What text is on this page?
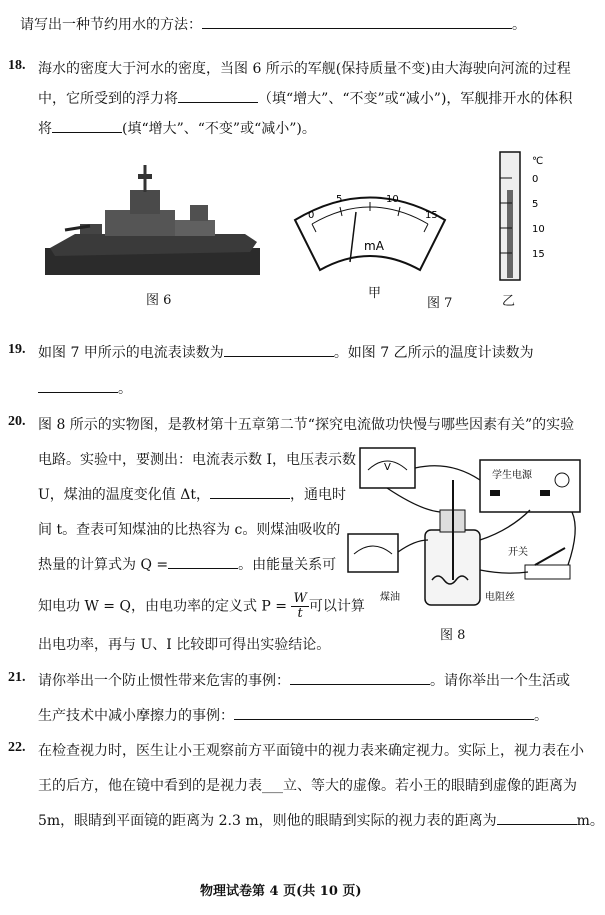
请写出一种节约用水的方法：	。
18. 海水的密度大于河水的密度，当图 6 所示的军舰(保持质量不变)由大海驶向河流的过程
中，它所受到的浮力将	（填“增大”、“不变”或“减小”)，军舰排开水的体积
将	(填“增大”、“不变”或“减小”)。
图 6
0
5	10
15
mA
甲
图 7
℃
0
5
10
15
乙
19. 如图 7 甲所示的电流表读数为	。如图 7 乙所示的温度计读数为
。
20. 图 8 所示的实物图，是教材第十五章第二节“探究电流做功快慢与哪些因素有关”的实验
电路。实验中，要测出：电流表示数 I，电压表示数
U，煤油的温度变化值 Δt，	，通电时
间 t。查表可知煤油的比热容为 c。则煤油吸收的
热量的计算式为 Q =	。由能量关系可
知电功 W = Q，由电功率的定义式 $P = \frac{W}{t}$ 可以计算
出电功率，再与 U、I 比较即可得出实验结论。
V
学生电源
煤油	电阻丝
开关
图 8
21. 请你举出一个防止惯性带来危害的事例：	。请你举出一个生活或
生产技术中减小摩擦力的事例：	。
22. 在检查视力时，医生让小王观察前方平面镜中的视力表来确定视力。实际上，视力表在小
王的后方，他在镜中看到的是视力表___立、等大的虚像。若小王的眼睛到虚像的距离为
5m，眼睛到平面镜的距离为 2.3 m，则他的眼睛到实际的视力表的距离为	m。
物理试卷第 4 页(共 10 页)
